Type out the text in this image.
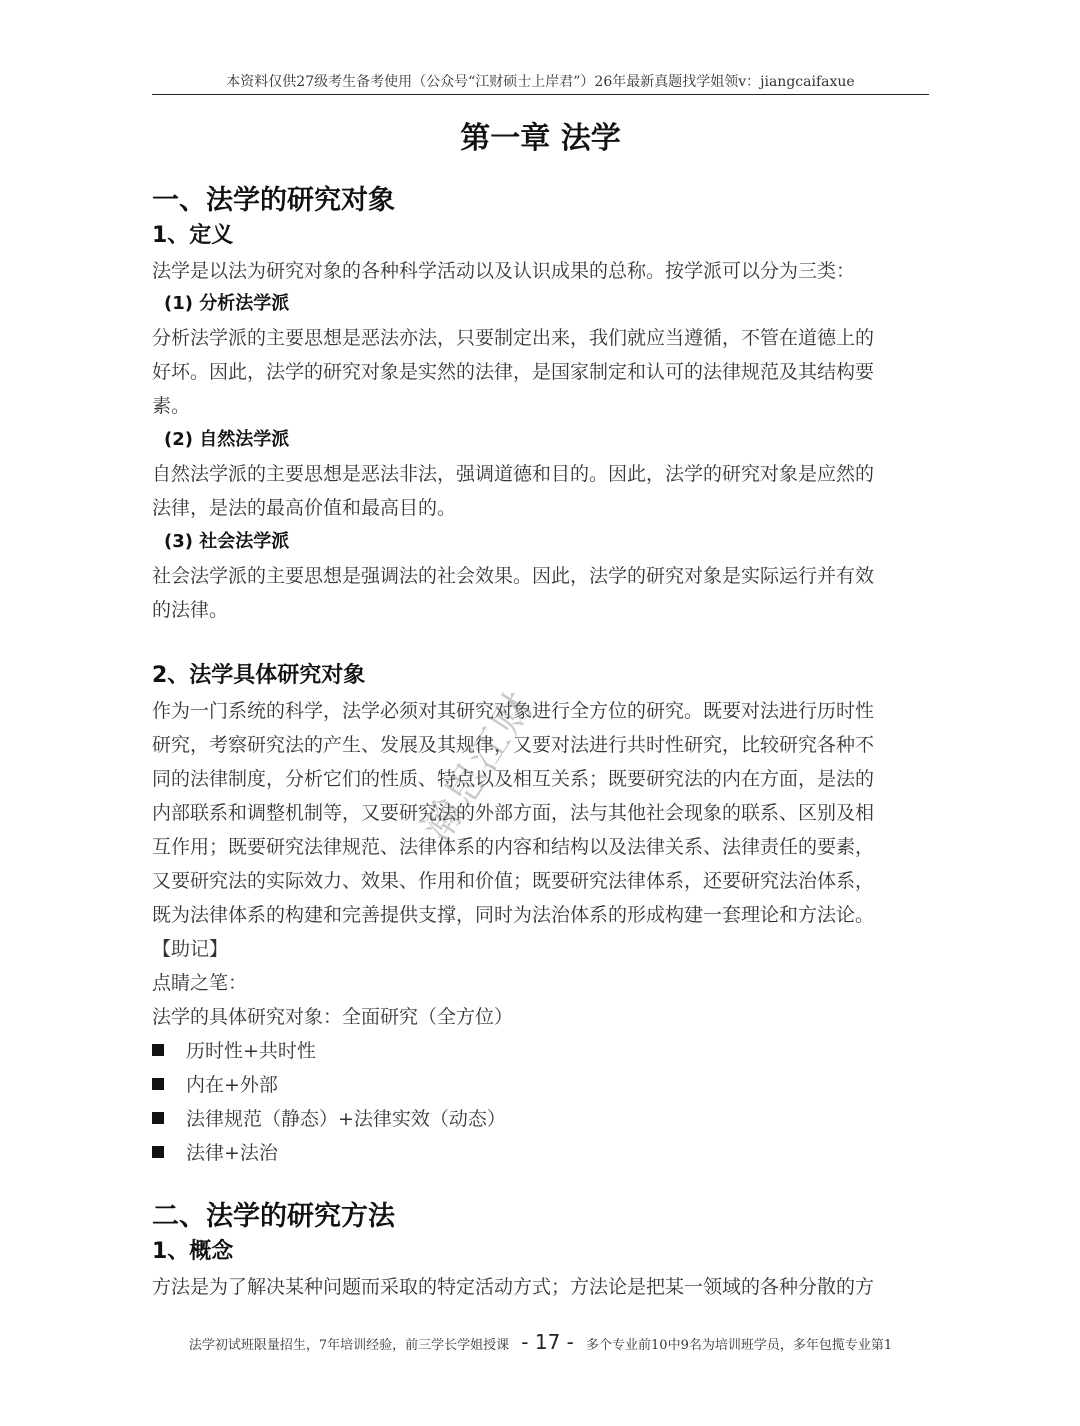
本资料仅供27级考生备考使用（公众号“江财硕士上岸君”）26年最新真题找学姐领v：jiangcaifaxue
第一章 法学
一、法学的研究对象
1、定义
法学是以法为研究对象的各种科学活动以及认识成果的总称。按学派可以分为三类：
(1) 分析法学派
分析法学派的主要思想是恶法亦法，只要制定出来，我们就应当遵循，不管在道德上的
好坏。因此，法学的研究对象是实然的法律，是国家制定和认可的法律规范及其结构要
素。
(2) 自然法学派
自然法学派的主要思想是恶法非法，强调道德和目的。因此，法学的研究对象是应然的
法律，是法的最高价值和最高目的。
(3) 社会法学派
社会法学派的主要思想是强调法的社会效果。因此，法学的研究对象是实际运行并有效
的法律。
2、法学具体研究对象
作为一门系统的科学，法学必须对其研究对象进行全方位的研究。既要对法进行历时性
研究，考察研究法的产生、发展及其规律，又要对法进行共时性研究，比较研究各种不
同的法律制度，分析它们的性质、特点以及相互关系；既要研究法的内在方面，是法的
内部联系和调整机制等，又要研究法的外部方面，法与其他社会现象的联系、区别及相
互作用；既要研究法律规范、法律体系的内容和结构以及法律关系、法律责任的要素，
又要研究法的实际效力、效果、作用和价值；既要研究法律体系，还要研究法治体系，
既为法律体系的构建和完善提供支撑，同时为法治体系的形成构建一套理论和方法论。
【助记】
点睛之笔：
法学的具体研究对象：全面研究（全方位）
历时性+共时性
内在+外部
法律规范（静态）+法律实效（动态）
法律+法治
二、法学的研究方法
1、概念
方法是为了解决某种问题而采取的特定活动方式；方法论是把某一领域的各种分散的方
瀚思江财
法学初试班限量招生，7年培训经验，前三学长学姐授课 - 17 - 多个专业前10中9名为培训班学员，多年包揽专业第1
